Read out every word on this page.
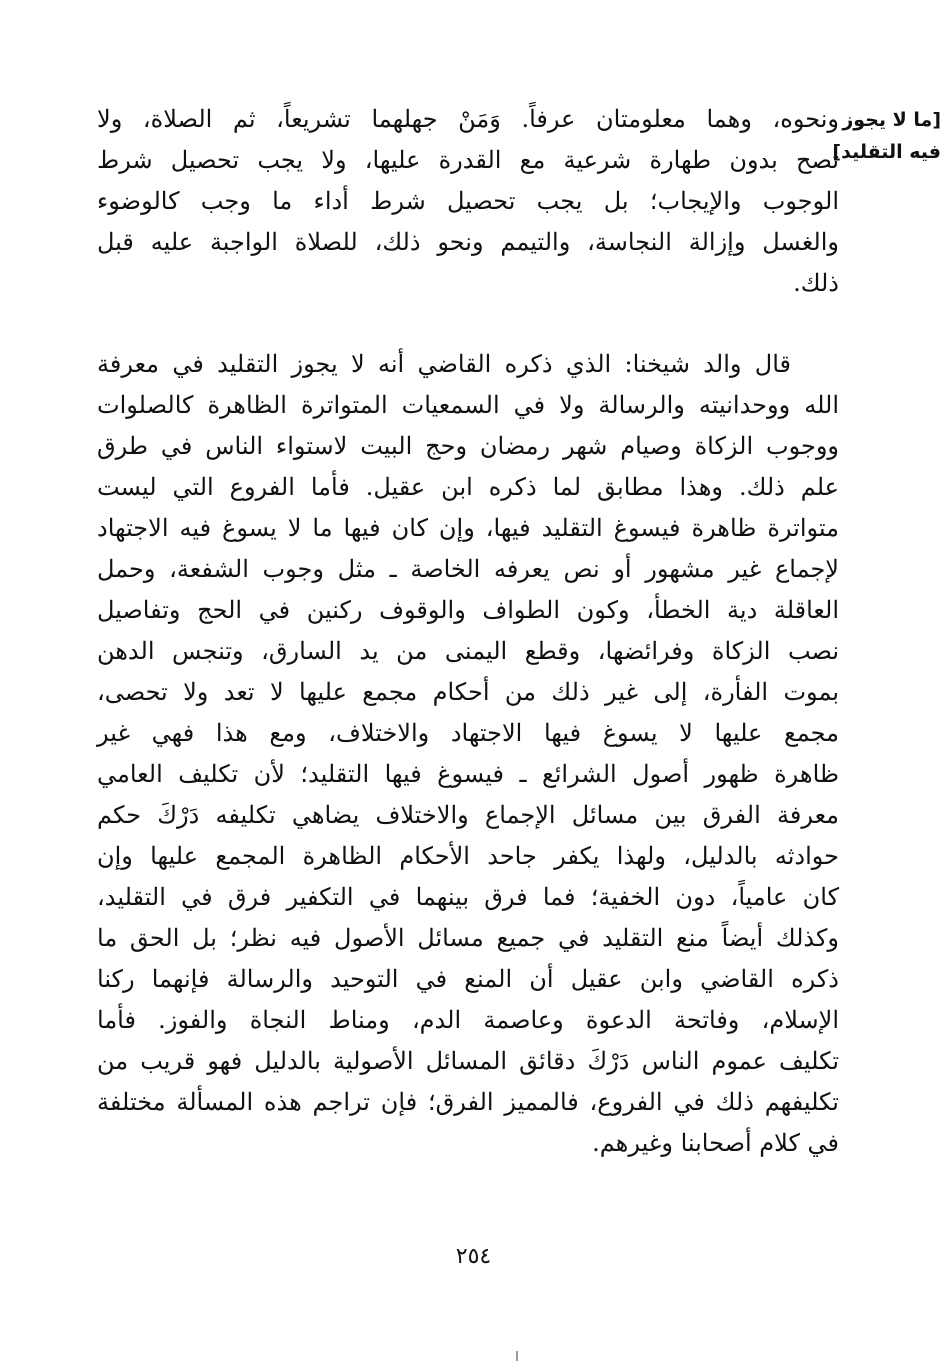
[ما لا يجوز
فيه التقليد]
ونحوه، وهما معلومتان عرفاً. وَمَنْ جهلهما تشريعاً، ثم الصلاة، ولا
تصح بدون طهارة شرعية مع القدرة عليها، ولا يجب تحصيل شرط
الوجوب والإيجاب؛ بل يجب تحصيل شرط أداء ما وجب كالوضوء
والغسل وإزالة النجاسة، والتيمم ونحو ذلك، للصلاة الواجبة عليه قبل
ذلك.
قال والد شيخنا: الذي ذكره القاضي أنه لا يجوز التقليد في معرفة
الله ووحدانيته والرسالة ولا في السمعيات المتواترة الظاهرة كالصلوات
ووجوب الزكاة وصيام شهر رمضان وحج البيت لاستواء الناس في طرق
علم ذلك. وهذا مطابق لما ذكره ابن عقيل. فأما الفروع التي ليست
متواترة ظاهرة فيسوغ التقليد فيها، وإن كان فيها ما لا يسوغ فيه الاجتهاد
لإجماع غير مشهور أو نص يعرفه الخاصة ـ مثل وجوب الشفعة، وحمل
العاقلة دية الخطأ، وكون الطواف والوقوف ركنين في الحج وتفاصيل
نصب الزكاة وفرائضها، وقطع اليمنى من يد السارق، وتنجس الدهن
بموت الفأرة، إلى غير ذلك من أحكام مجمع عليها لا تعد ولا تحصى،
مجمع عليها لا يسوغ فيها الاجتهاد والاختلاف، ومع هذا فهي غير
ظاهرة ظهور أصول الشرائع ـ فيسوغ فيها التقليد؛ لأن تكليف العامي
معرفة الفرق بين مسائل الإجماع والاختلاف يضاهي تكليفه دَرْكَ حكم
حوادثه بالدليل، ولهذا يكفر جاحد الأحكام الظاهرة المجمع عليها وإن
كان عامياً، دون الخفية؛ فما فرق بينهما في التكفير فرق في التقليد،
وكذلك أيضاً منع التقليد في جميع مسائل الأصول فيه نظر؛ بل الحق ما
ذكره القاضي وابن عقيل أن المنع في التوحيد والرسالة فإنهما ركنا
الإسلام، وفاتحة الدعوة وعاصمة الدم، ومناط النجاة والفوز. فأما
تكليف عموم الناس دَرْكَ دقائق المسائل الأصولية بالدليل فهو قريب من
تكليفهم ذلك في الفروع، فالمميز الفرق؛ فإن تراجم هذه المسألة مختلفة
في كلام أصحابنا وغيرهم.
٢٥٤
